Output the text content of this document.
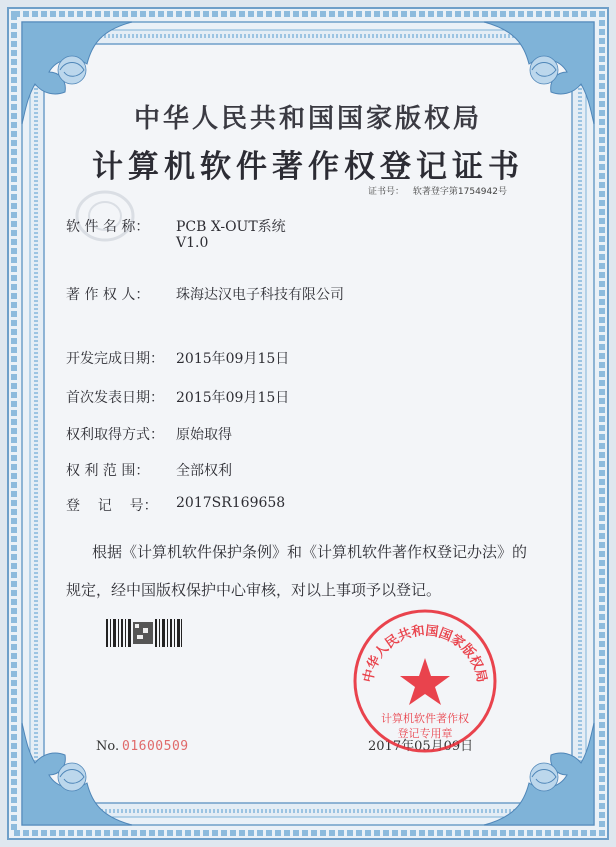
中华人民共和国国家版权局
计算机软件著作权登记证书
证书号： 软著登字第1754942号
软 件 名 称： PCB X-OUT系统
V1.0
著 作 权 人： 珠海达汉电子科技有限公司
开发完成日期： 2015年09月15日
首次发表日期： 2015年09月15日
权利取得方式： 原始取得
权 利 范 围： 全部权利
登    记    号： 2017SR169658
根据《计算机软件保护条例》和《计算机软件著作权登记办法》的
规定，经中国版权保护中心审核，对以上事项予以登记。
No. 01600509	2017年05月09日
中华人民共和国国家版权局
计算机软件著作权
登记专用章
